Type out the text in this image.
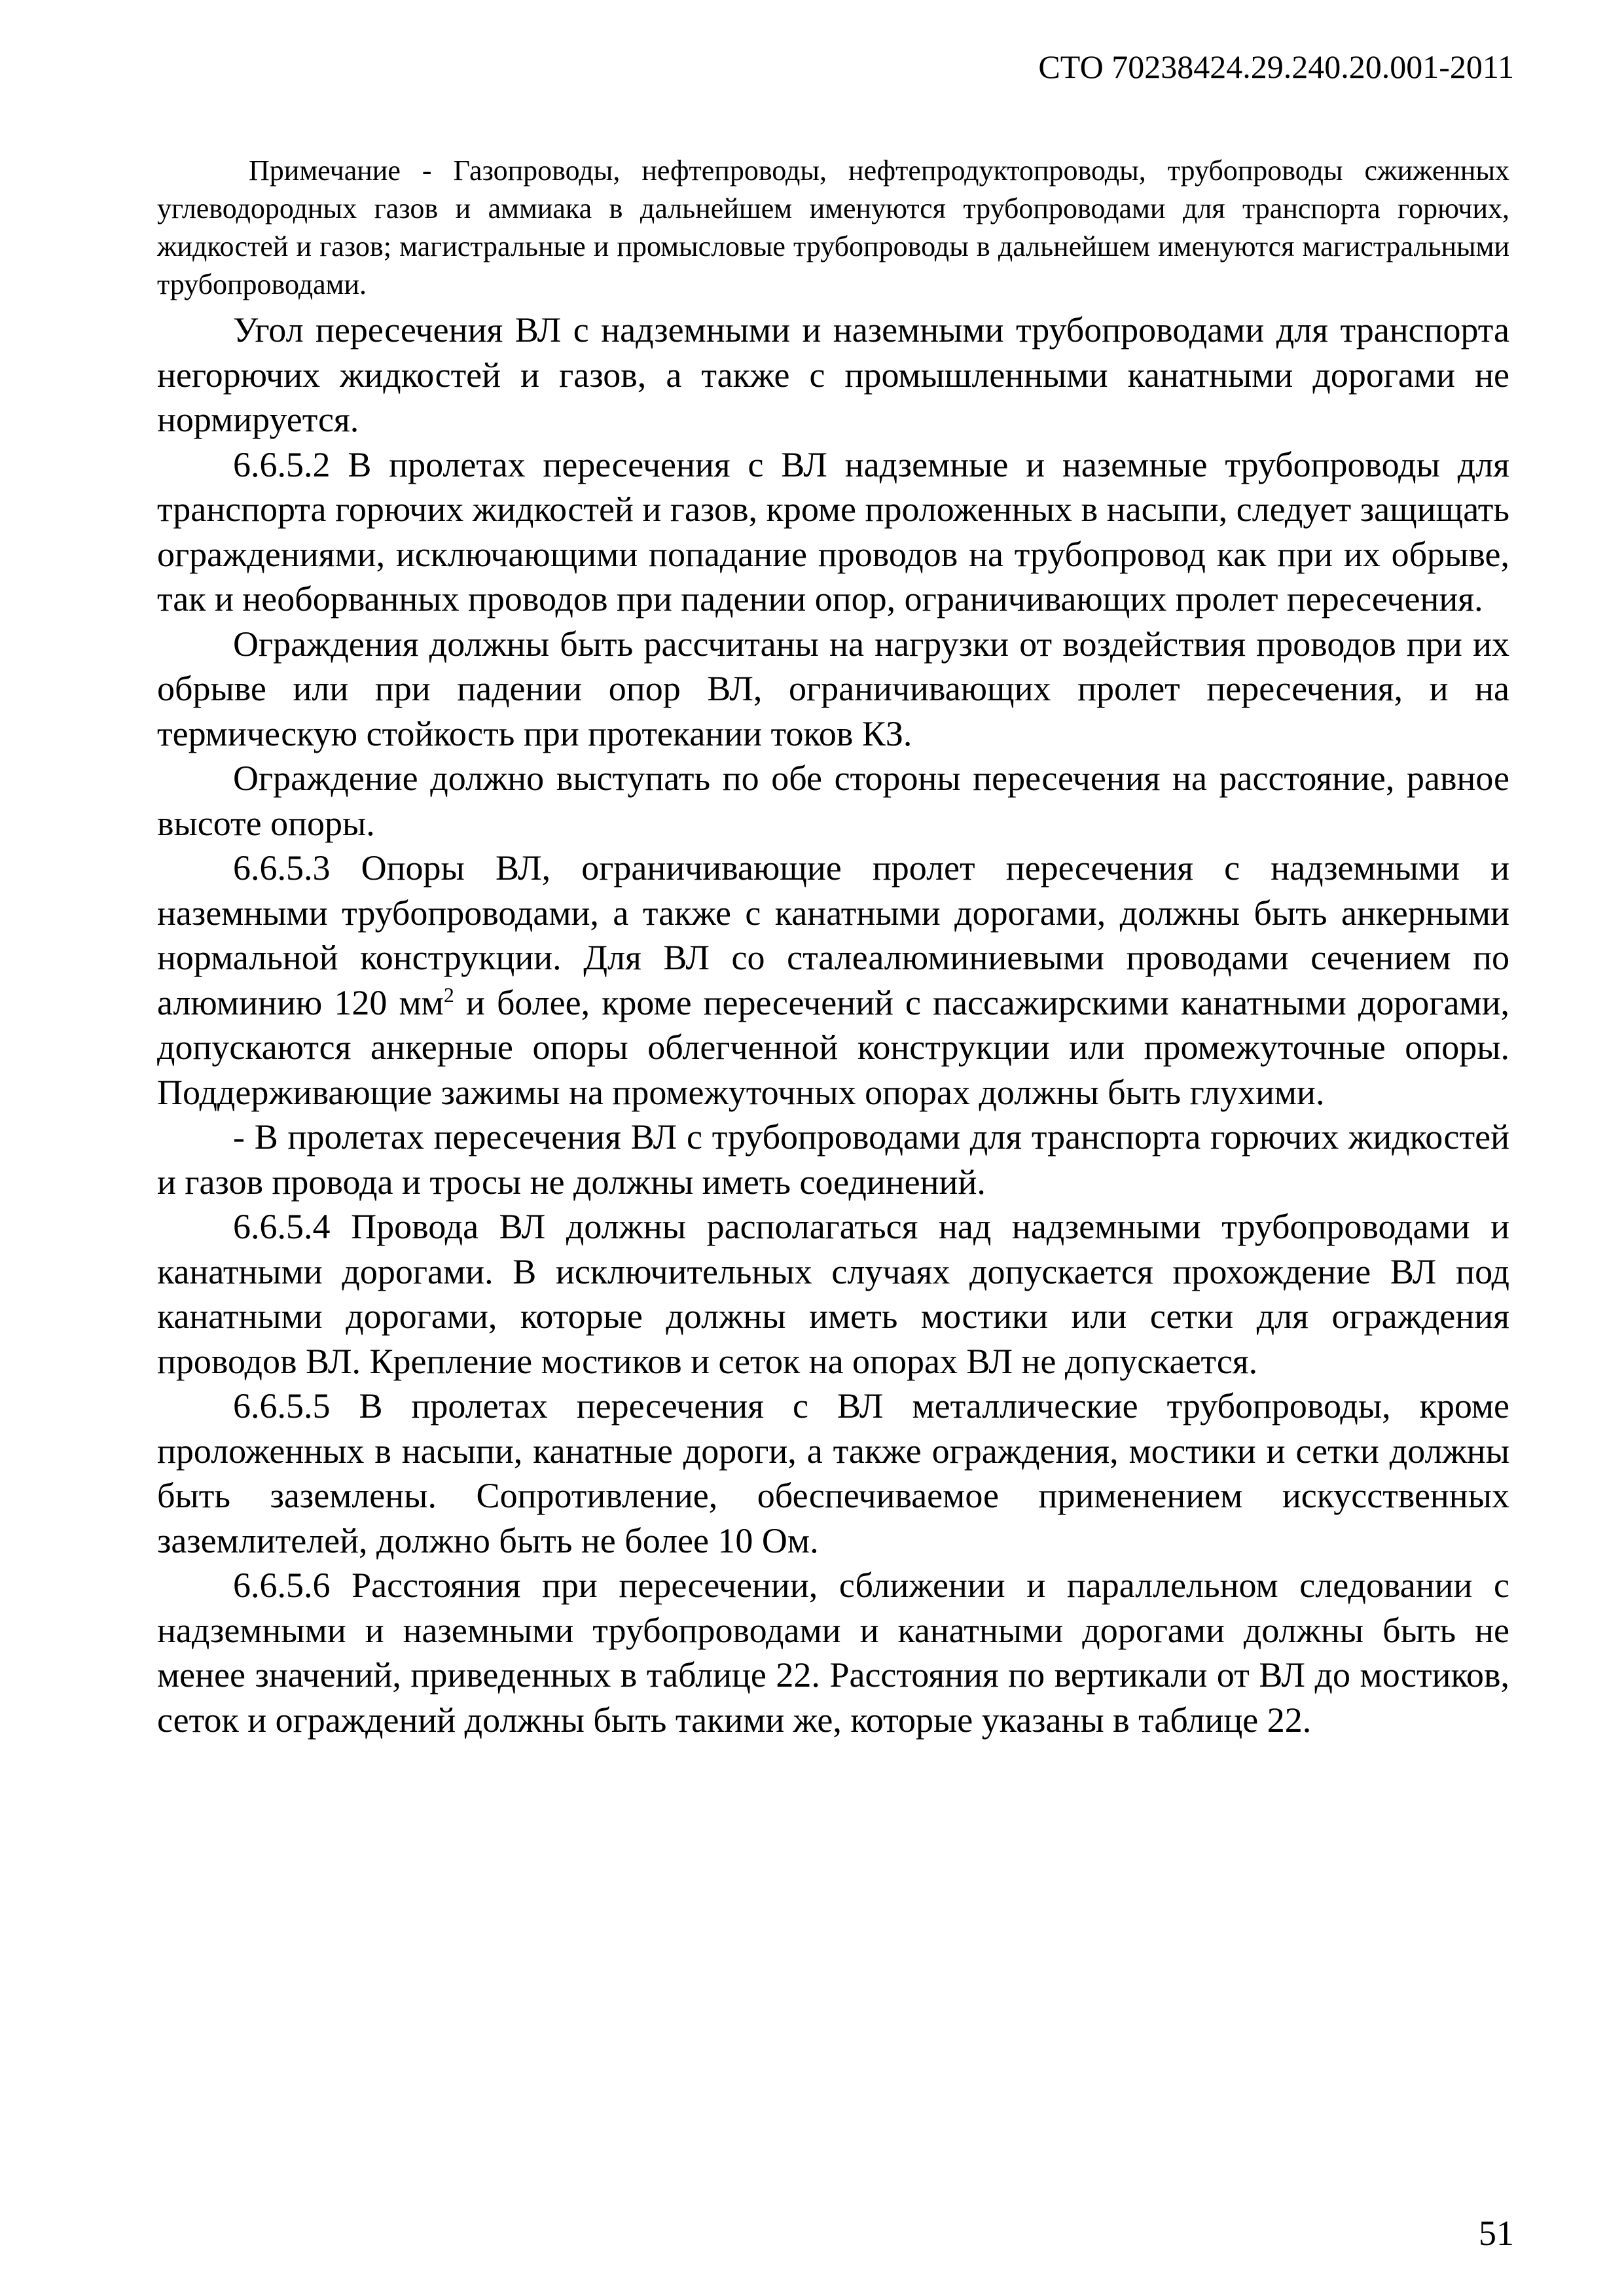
СТО 70238424.29.240.20.001-2011

Примечание - Газопроводы, нефтепроводы, нефтепродуктопроводы, трубопроводы сжиженных углеводородных газов и аммиака в дальнейшем именуются трубопроводами для транспорта горючих, жидкостей и газов; магистральные и промысловые трубопроводы в дальнейшем именуются магистральными трубопроводами.

Угол пересечения ВЛ с надземными и наземными трубопроводами для транспорта негорючих жидкостей и газов, а также с промышленными канатными дорогами не нормируется.

6.6.5.2 В пролетах пересечения с ВЛ надземные и наземные трубопроводы для транспорта горючих жидкостей и газов, кроме проложенных в насыпи, следует защищать ограждениями, исключающими попадание проводов на трубопровод как при их обрыве, так и необорванных проводов при падении опор, ограничивающих пролет пересечения.

Ограждения должны быть рассчитаны на нагрузки от воздействия проводов при их обрыве или при падении опор ВЛ, ограничивающих пролет пересечения, и на термическую стойкость при протекании токов КЗ.

Ограждение должно выступать по обе стороны пересечения на расстояние, равное высоте опоры.

6.6.5.3 Опоры ВЛ, ограничивающие пролет пересечения с надземными и наземными трубопроводами, а также с канатными дорогами, должны быть анкерными нормальной конструкции. Для ВЛ со сталеалюминиевыми проводами сечением по алюминию 120 $мм^2$ и более, кроме пересечений с пассажирскими канатными дорогами, допускаются анкерные опоры облегченной конструкции или промежуточные опоры. Поддерживающие зажимы на промежуточных опорах должны быть глухими.

- В пролетах пересечения ВЛ с трубопроводами для транспорта горючих жидкостей и газов провода и тросы не должны иметь соединений.

6.6.5.4 Провода ВЛ должны располагаться над надземными трубопроводами и канатными дорогами. В исключительных случаях допускается прохождение ВЛ под канатными дорогами, которые должны иметь мостики или сетки для ограждения проводов ВЛ. Крепление мостиков и сеток на опорах ВЛ не допускается.

6.6.5.5 В пролетах пересечения с ВЛ металлические трубопроводы, кроме проложенных в насыпи, канатные дороги, а также ограждения, мостики и сетки должны быть заземлены. Сопротивление, обеспечиваемое применением искусственных заземлителей, должно быть не более 10 Ом.

6.6.5.6 Расстояния при пересечении, сближении и параллельном следовании с надземными и наземными трубопроводами и канатными дорогами должны быть не менее значений, приведенных в таблице 22. Расстояния по вертикали от ВЛ до мостиков, сеток и ограждений должны быть такими же, которые указаны в таблице 22.

51
